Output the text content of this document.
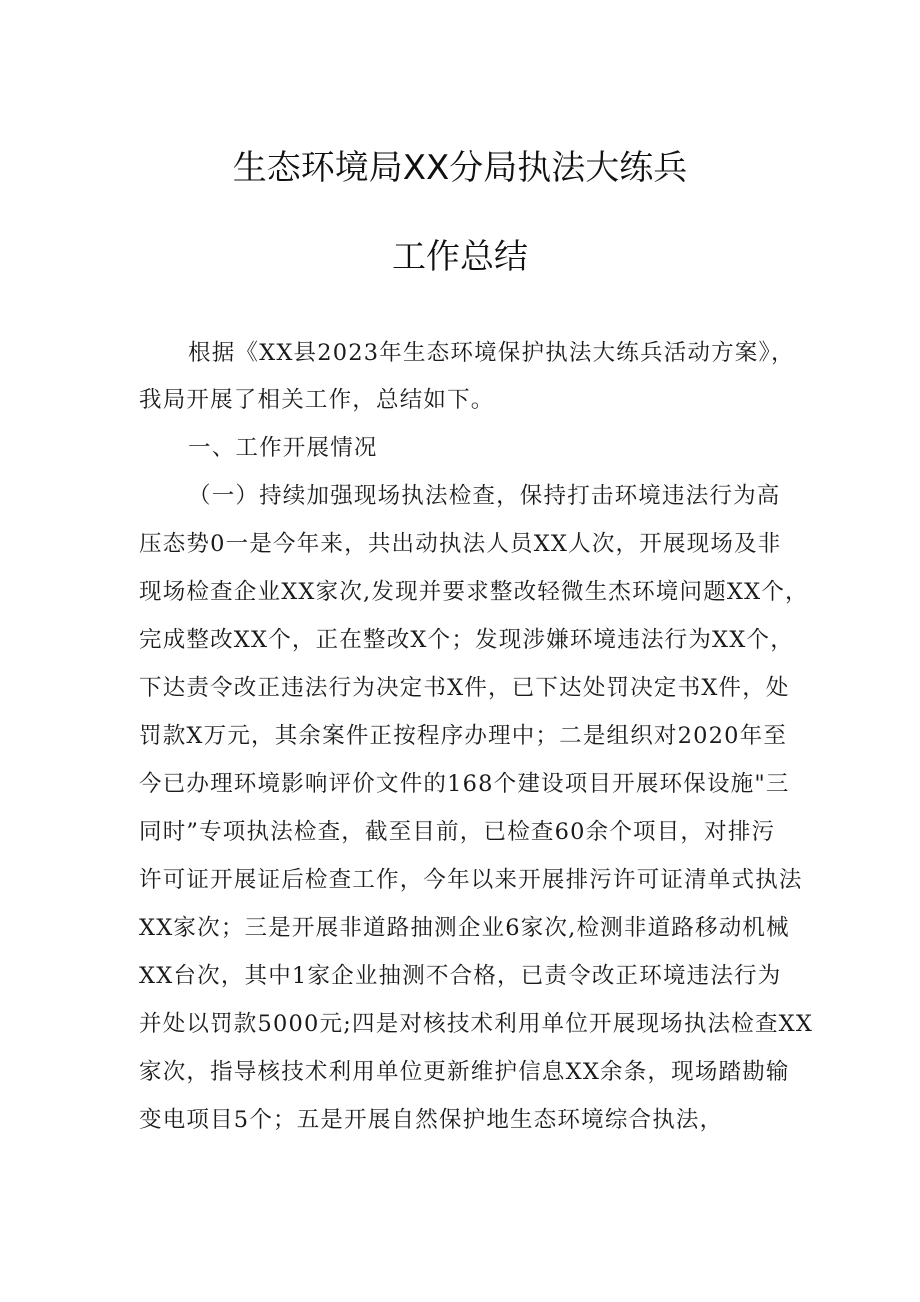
生态环境局XX分局执法大练兵
工作总结
根据《XX县2023年生态环境保护执法大练兵活动方案》，
我局开展了相关工作，总结如下。
一、工作开展情况
（一）持续加强现场执法检查，保持打击环境违法行为高
压态势0一是今年来，共出动执法人员XX人次，开展现场及非
现场检查企业XX家次,发现并要求整改轻微生杰环境问题XX个，
完成整改XX个，正在整改X个；发现涉嫌环境违法行为XX个，
下达责令改正违法行为决定书X件，已下达处罚决定书X件，处
罚款X万元，其余案件正按程序办理中；二是组织对2020年至
今已办理环境影响评价文件的168个建设项目开展环保设施"三
同时”专项执法检查，截至目前，已检查60余个项目，对排污
许可证开展证后检查工作，今年以来开展排污许可证清单式执法
XX家次；三是开展非道路抽测企业6家次,检测非道路移动机械
XX台次，其中1家企业抽测不合格，已责令改正环境违法行为
并处以罚款5000元;四是对核技术利用单位开展现场执法检查XX
家次，指导核技术利用单位更新维护信息XX余条，现场踏勘输
变电项目5个；五是开展自然保护地生态环境综合执法，
